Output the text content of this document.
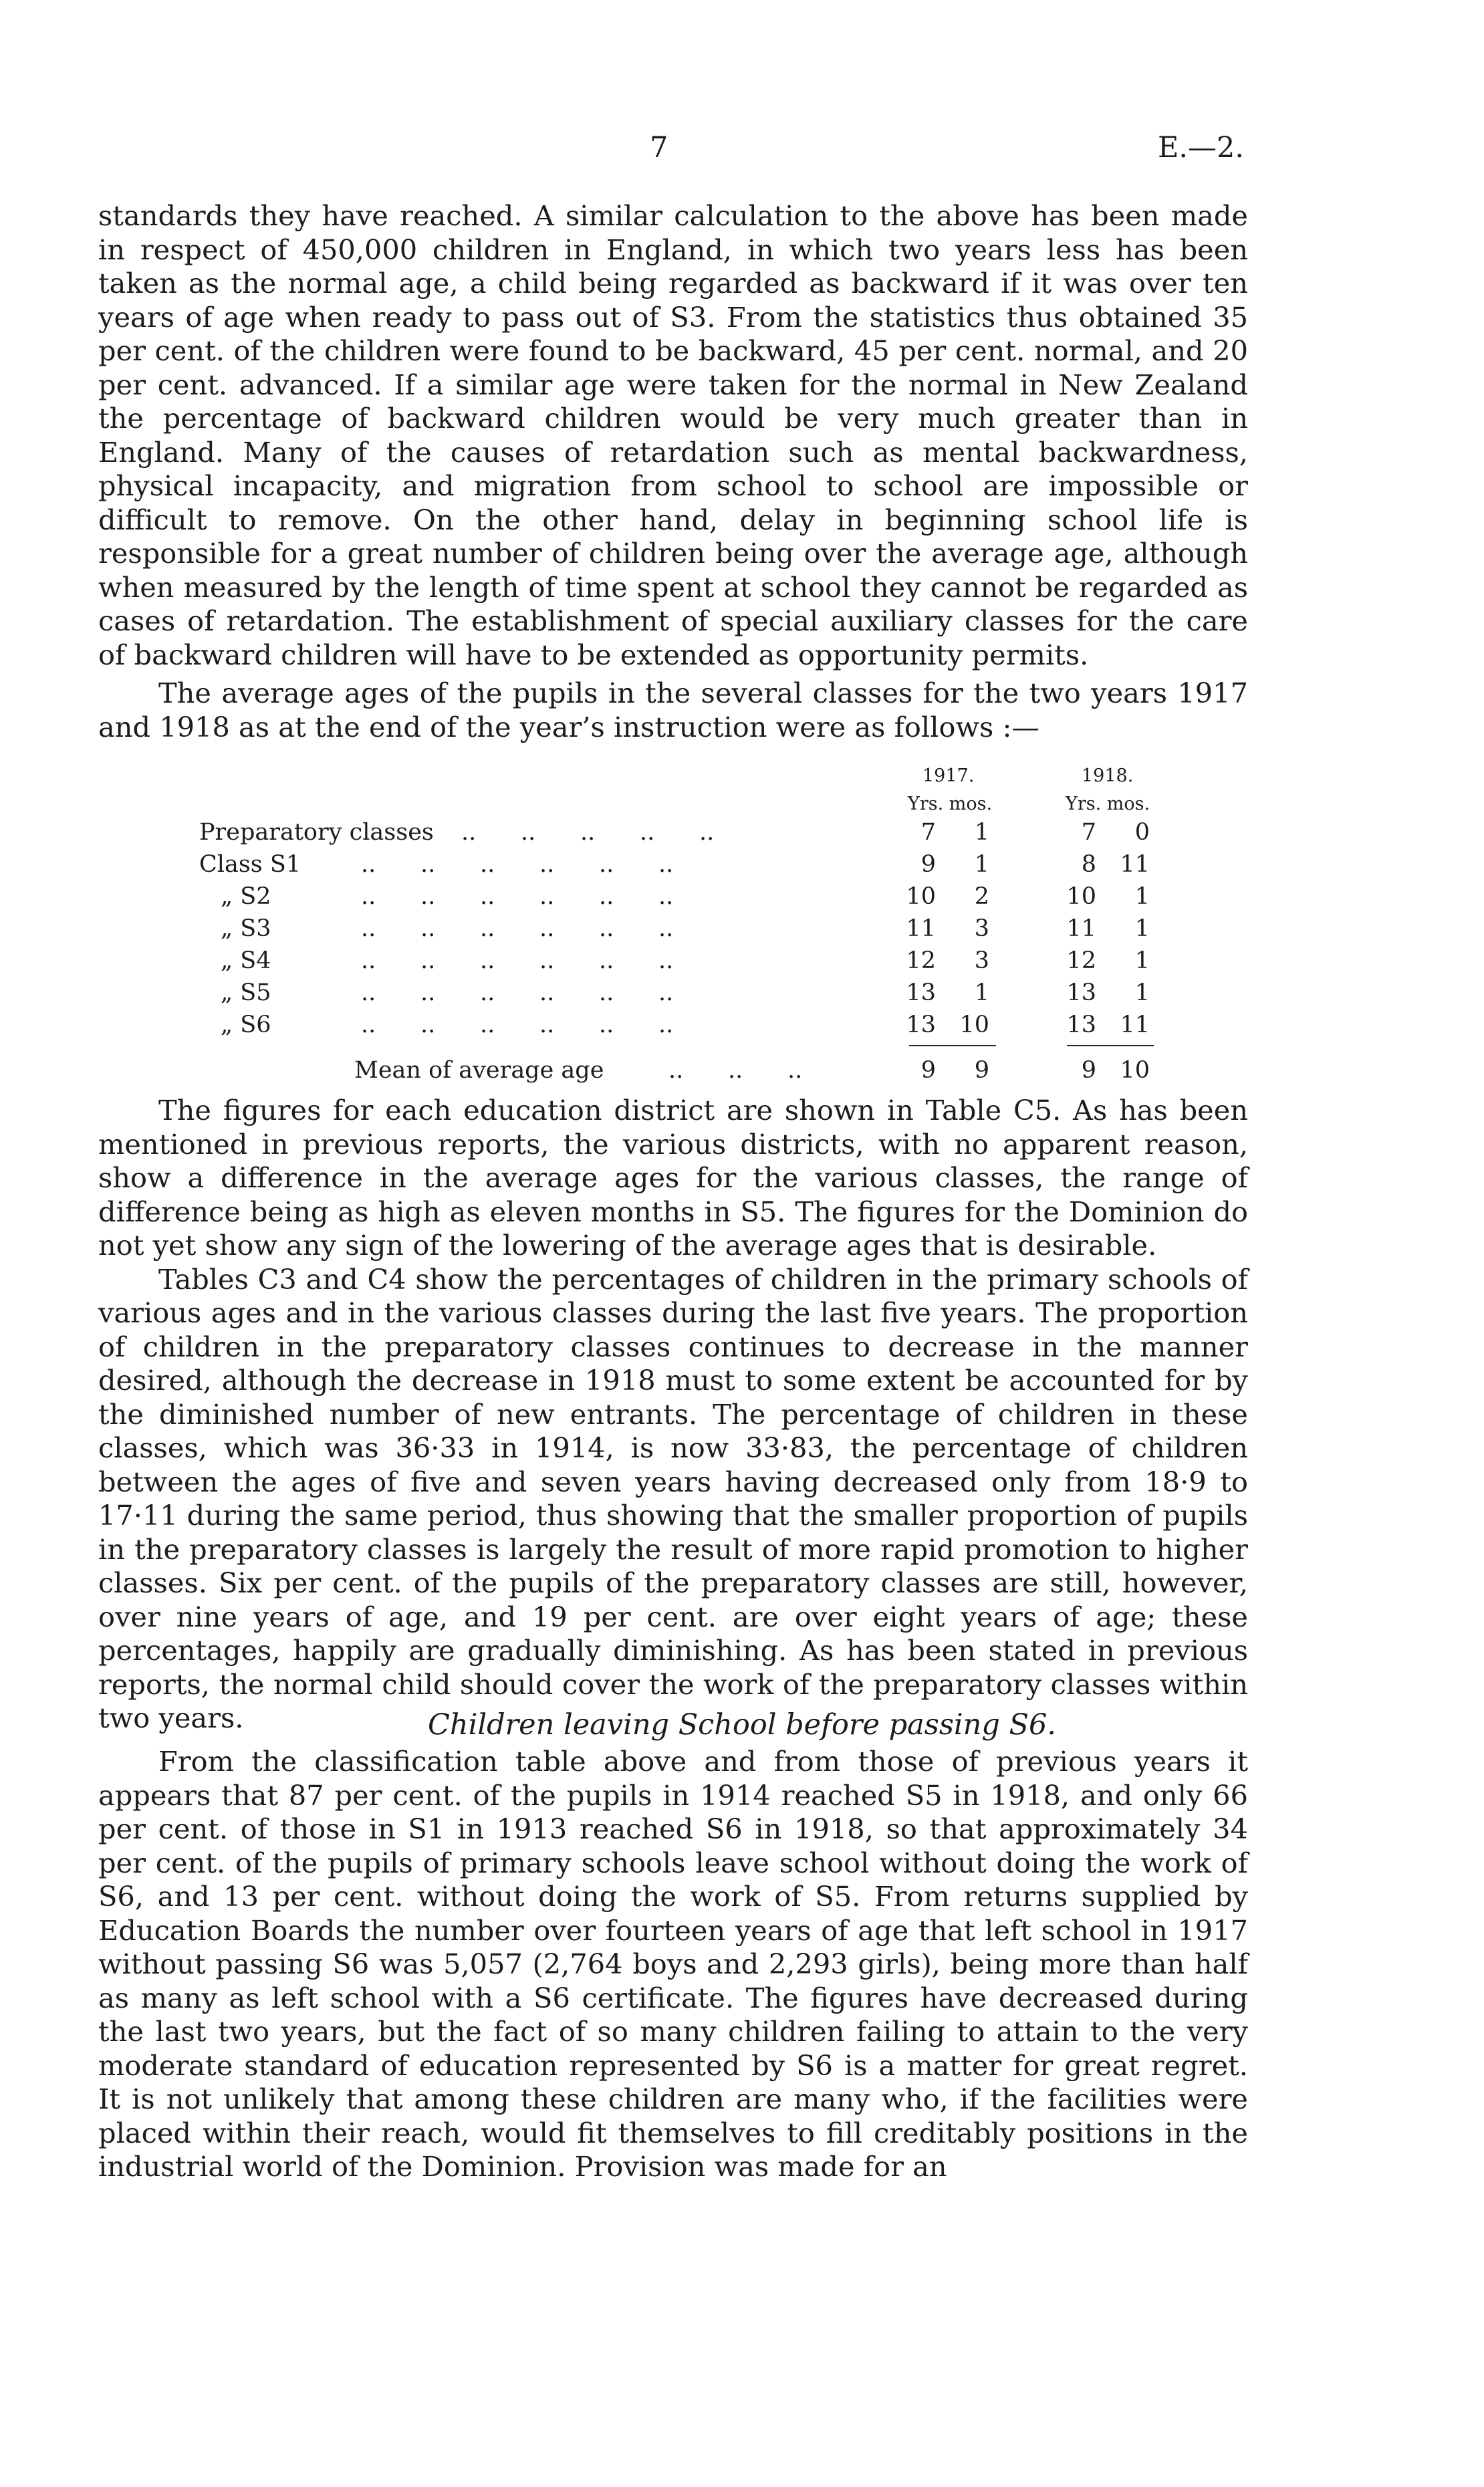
7	E.—2.

standards they have reached. A similar calculation to the above has been made in respect of 450,000 children in England, in which two years less has been taken as the normal age, a child being regarded as backward if it was over ten years of age when ready to pass out of S3. From the statistics thus obtained 35 per cent. of the children were found to be backward, 45 per cent. normal, and 20 per cent. advanced. If a similar age were taken for the normal in New Zealand the percentage of backward children would be very much greater than in England. Many of the causes of retardation such as mental backwardness, physical incapacity, and migration from school to school are impossible or difficult to remove. On the other hand, delay in beginning school life is responsible for a great number of children being over the average age, although when measured by the length of time spent at school they cannot be regarded as cases of retardation. The establishment of special auxiliary classes for the care of backward children will have to be extended as opportunity permits.

The average ages of the pupils in the several classes for the two years 1917 and 1918 as at the end of the year’s instruction were as follows :—

1917.
Yrs. mos.
1918.
Yrs. mos.
Preparatory classes ..      ..      ..      ..      ..	7	1	7	0
Class S1	..      ..      ..      ..      ..      ..	9	1	8	11
„ S2	..      ..      ..      ..      ..      ..	10	2	10	1
„ S3	..      ..      ..      ..      ..      ..	11	3	11	1
„ S4	..      ..      ..      ..      ..      ..	12	3	12	1
„ S5	..      ..      ..      ..      ..      ..	13	1	13	1
„ S6	..      ..      ..      ..      ..      ..	13	10	13	11
Mean of average age	..      ..      ..	9	9	9	10

The figures for each education district are shown in Table C5. As has been mentioned in previous reports, the various districts, with no apparent reason, show a difference in the average ages for the various classes, the range of difference being as high as eleven months in S5. The figures for the Dominion do not yet show any sign of the lowering of the average ages that is desirable.

Tables C3 and C4 show the percentages of children in the primary schools of various ages and in the various classes during the last five years. The proportion of children in the preparatory classes continues to decrease in the manner desired, although the decrease in 1918 must to some extent be accounted for by the diminished number of new entrants. The percentage of children in these classes, which was 36·33 in 1914, is now 33·83, the percentage of children between the ages of five and seven years having decreased only from 18·9 to 17·11 during the same period, thus showing that the smaller proportion of pupils in the preparatory classes is largely the result of more rapid promotion to higher classes. Six per cent. of the pupils of the preparatory classes are still, however, over nine years of age, and 19 per cent. are over eight years of age; these percentages, happily are gradually diminishing. As has been stated in previous reports, the normal child should cover the work of the preparatory classes within two years.	Children leaving School before passing S6.

From the classification table above and from those of previous years it appears that 87 per cent. of the pupils in 1914 reached S5 in 1918, and only 66 per cent. of those in S1 in 1913 reached S6 in 1918, so that approximately 34 per cent. of the pupils of primary schools leave school without doing the work of S6, and 13 per cent. without doing the work of S5. From returns supplied by Education Boards the number over fourteen years of age that left school in 1917 without passing S6 was 5,057 (2,764 boys and 2,293 girls), being more than half as many as left school with a S6 certificate. The figures have decreased during the last two years, but the fact of so many children failing to attain to the very moderate standard of education represented by S6 is a matter for great regret. It is not unlikely that among these children are many who, if the facilities were placed within their reach, would fit themselves to fill creditably positions in the industrial world of the Dominion. Provision was made for an
